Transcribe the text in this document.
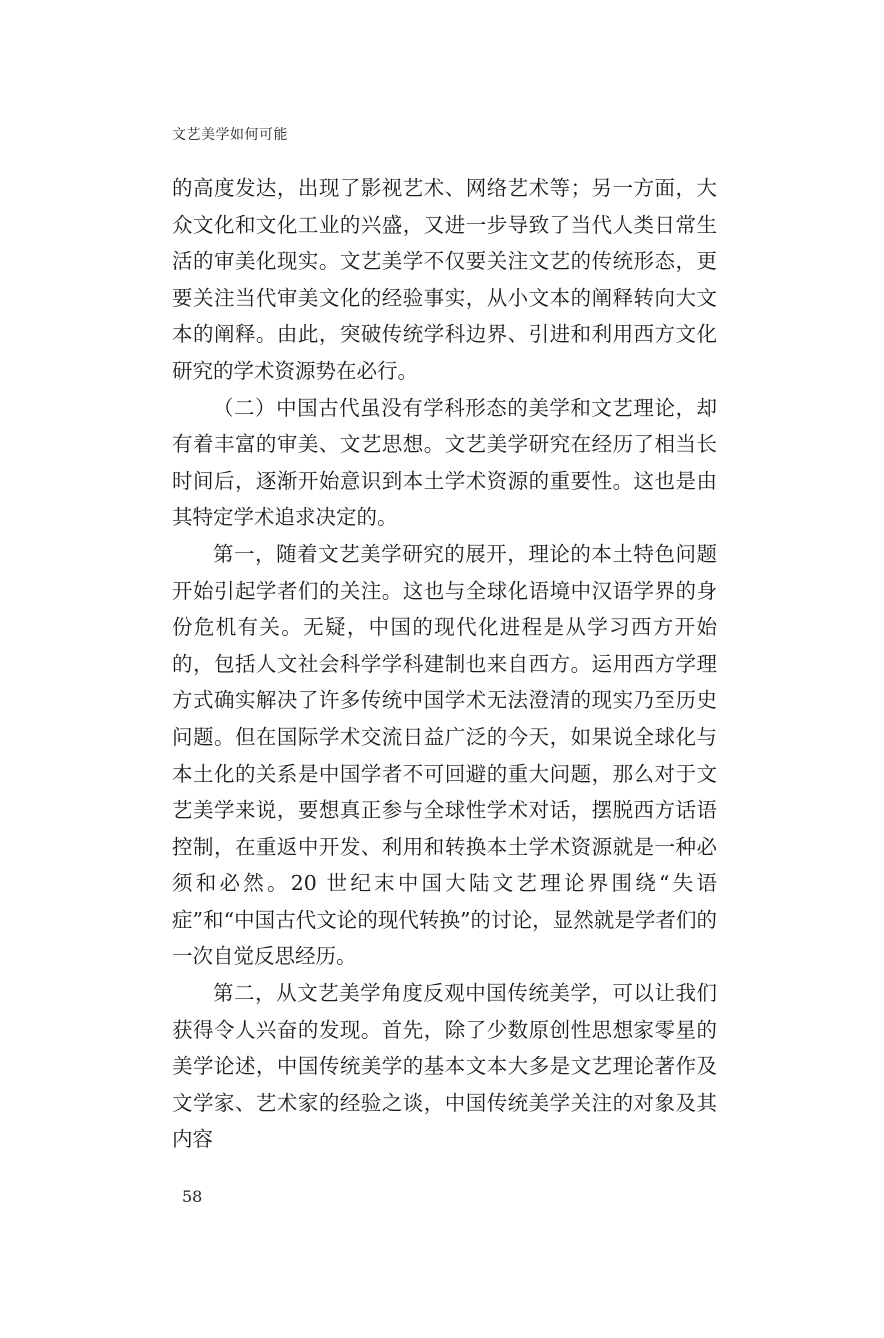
文艺美学如何可能

的高度发达，出现了影视艺术、网络艺术等；另一方面，大众文化和文化工业的兴盛，又进一步导致了当代人类日常生活的审美化现实。文艺美学不仅要关注文艺的传统形态，更要关注当代审美文化的经验事实，从小文本的阐释转向大文本的阐释。由此，突破传统学科边界、引进和利用西方文化研究的学术资源势在必行。

（二）中国古代虽没有学科形态的美学和文艺理论，却有着丰富的审美、文艺思想。文艺美学研究在经历了相当长时间后，逐渐开始意识到本土学术资源的重要性。这也是由其特定学术追求决定的。

第一，随着文艺美学研究的展开，理论的本土特色问题开始引起学者们的关注。这也与全球化语境中汉语学界的身份危机有关。无疑，中国的现代化进程是从学习西方开始的，包括人文社会科学学科建制也来自西方。运用西方学理方式确实解决了许多传统中国学术无法澄清的现实乃至历史问题。但在国际学术交流日益广泛的今天，如果说全球化与本土化的关系是中国学者不可回避的重大问题，那么对于文艺美学来说，要想真正参与全球性学术对话，摆脱西方话语控制，在重返中开发、利用和转换本土学术资源就是一种必须和必然。20 世纪末中国大陆文艺理论界围绕“失语症”和“中国古代文论的现代转换”的讨论，显然就是学者们的一次自觉反思经历。

第二，从文艺美学角度反观中国传统美学，可以让我们获得令人兴奋的发现。首先，除了少数原创性思想家零星的美学论述，中国传统美学的基本文本大多是文艺理论著作及文学家、艺术家的经验之谈，中国传统美学关注的对象及其内容

58
